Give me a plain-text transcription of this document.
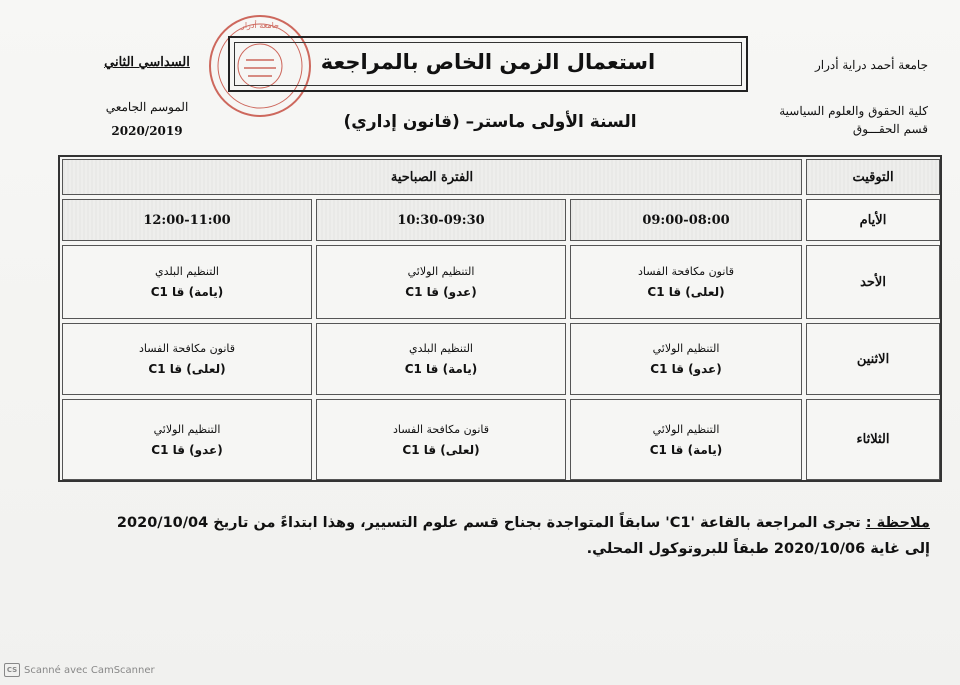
جامعة أحمد دراية أدرار
كلية الحقوق والعلوم السياسية
قسم الحقـــوق
السداسي الثاني
الموسم الجامعي
2020/2019
جامعة أدرار
استعمال الزمن الخاص بالمراجعة
السنة الأولى ماستر– (قانون إداري)
التوقيت
الفترة الصباحية
الأيام
09:00-08:00
10:30-09:30
12:00-11:00
الأحد
قانون مكافحة الفساد
(لعلى) قا C1
التنظيم الولائي
(عدو) قا C1
التنظيم البلدي
(يامة) قا C1
الاثنين
التنظيم الولائي
(عدو) قا C1
التنظيم البلدي
(يامة) قا C1
قانون مكافحة الفساد
(لعلى) قا C1
الثلاثاء
التنظيم الولائي
(يامة) قا C1
قانون مكافحة الفساد
(لعلى) قا C1
التنظيم الولائي
(عدو) قا C1
ملاحظة : تجرى المراجعة بالقاعة 'C1' سابقاً المتواجدة بجناح قسم علوم التسيير، وهذا ابتداءً من تاريخ 2020/10/04
إلى غاية 2020/10/06 طبقاً للبروتوكول المحلي.
CS Scanné avec CamScanner
